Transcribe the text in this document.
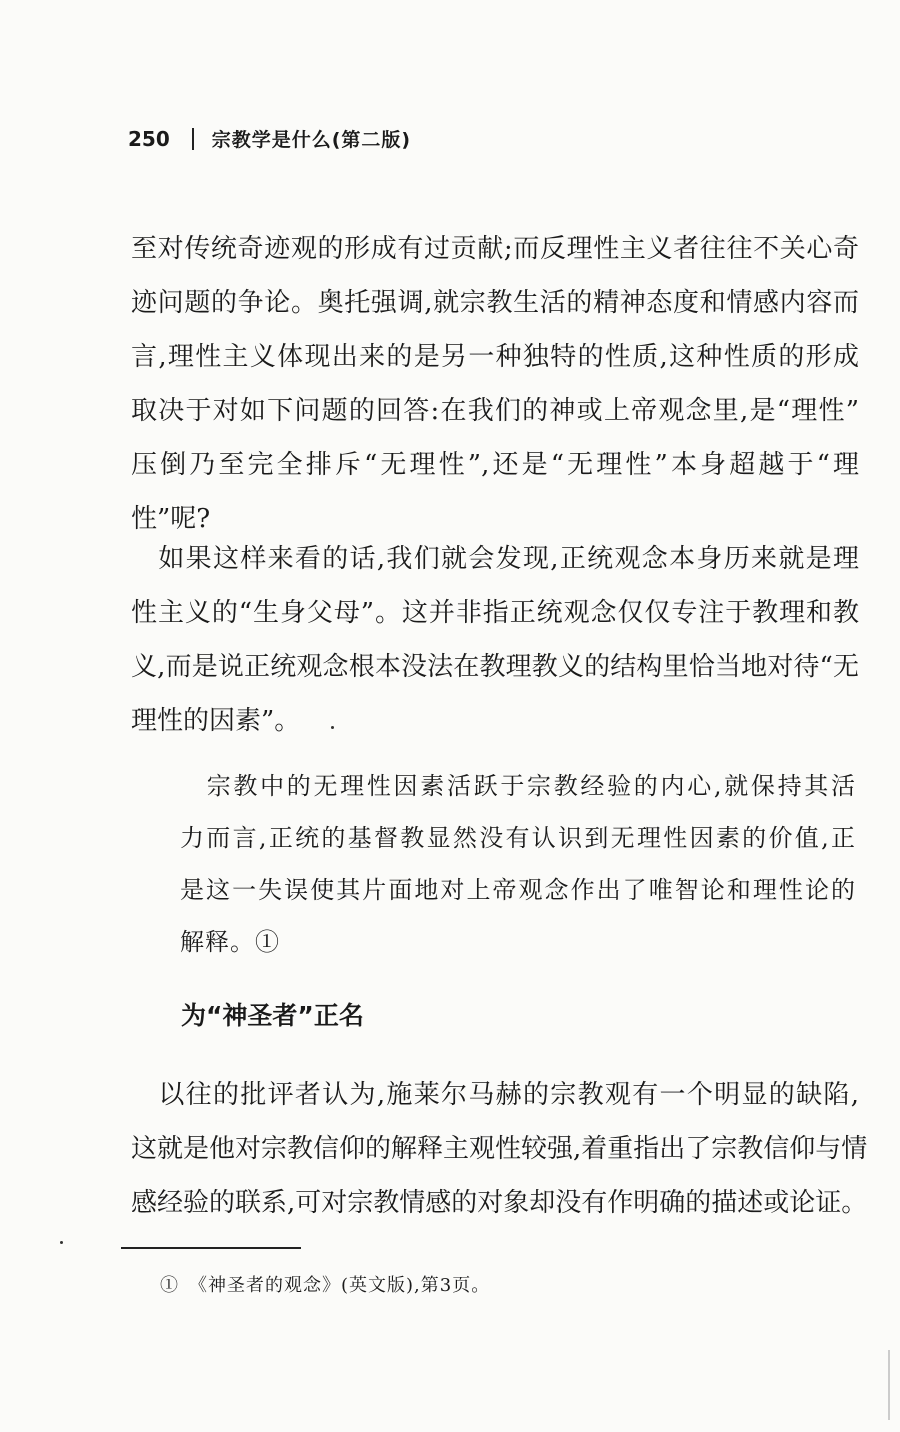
250 宗教学是什么(第二版)
至对传统奇迹观的形成有过贡献;而反理性主义者往往不关心奇
迹问题的争论。奥托强调,就宗教生活的精神态度和情感内容而
言,理性主义体现出来的是另一种独特的性质,这种性质的形成
取决于对如下问题的回答:在我们的神或上帝观念里,是“理性”
压倒乃至完全排斥“无理性”,还是“无理性”本身超越于“理
性”呢?
　如果这样来看的话,我们就会发现,正统观念本身历来就是理
性主义的“生身父母”。这并非指正统观念仅仅专注于教理和教
义,而是说正统观念根本没法在教理教义的结构里恰当地对待“无
理性的因素”。
　宗教中的无理性因素活跃于宗教经验的内心,就保持其活
力而言,正统的基督教显然没有认识到无理性因素的价值,正
是这一失误使其片面地对上帝观念作出了唯智论和理性论的
解释。①
为“神圣者”正名
　以往的批评者认为,施莱尔马赫的宗教观有一个明显的缺陷,
这就是他对宗教信仰的解释主观性较强,着重指出了宗教信仰与情
感经验的联系,可对宗教情感的对象却没有作明确的描述或论证。
①　《神圣者的观念》(英文版),第3页。
